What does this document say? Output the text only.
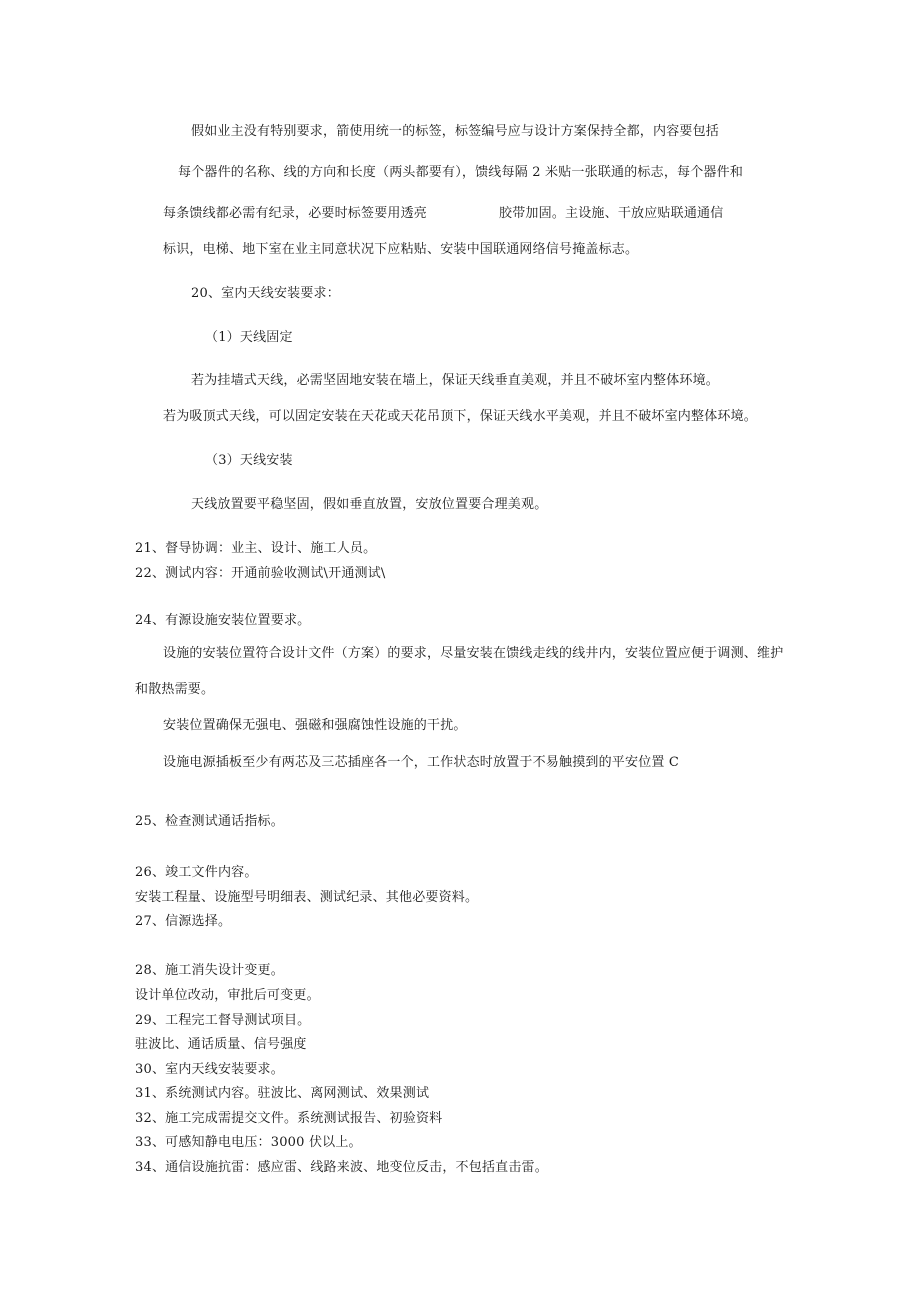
假如业主没有特别要求，箭使用统一的标签，标签编号应与设计方案保持全都，内容要包括
每个器件的名称、线的方向和长度（两头都要有），馈线每隔 2 米贴一张联通的标志，每个器件和
每条馈线都必需有纪录，必要时标签要用透亮	胶带加固。主设施、干放应贴联通通信
标识，电梯、地下室在业主同意状况下应粘贴、安装中国联通网络信号掩盖标志。
20、室内天线安装要求：
（1）天线固定
若为挂墙式天线，必需坚固地安装在墙上，保证天线垂直美观，并且不破坏室内整体环境。
若为吸顶式天线，可以固定安装在天花或天花吊顶下，保证天线水平美观，并且不破坏室内整体环境。
（3）天线安装
天线放置要平稳坚固，假如垂直放置，安放位置要合理美观。
21、督导协调：业主、设计、施工人员。
22、测试内容：开通前验收测试\开通测试\
24、有源设施安装位置要求。
设施的安装位置符合设计文件（方案）的要求，尽量安装在馈线走线的线井内，安装位置应便于调测、维护
和散热需要。
安装位置确保无强电、强磁和强腐蚀性设施的干扰。
设施电源插板至少有两芯及三芯插座各一个，工作状态时放置于不易触摸到的平安位置 C
25、检查测试通话指标。
26、竣工文件内容。
安装工程量、设施型号明细表、测试纪录、其他必要资料。
27、信源选择。
28、施工消失设计变更。
设计单位改动，审批后可变更。
29、工程完工督导测试项目。
驻波比、通话质量、信号强度
30、室内天线安装要求。
31、系统测试内容。驻波比、离网测试、效果测试
32、施工完成需提交文件。系统测试报告、初验资料
33、可感知静电电压：3000 伏以上。
34、通信设施抗雷：感应雷、线路来波、地变位反击，不包括直击雷。
